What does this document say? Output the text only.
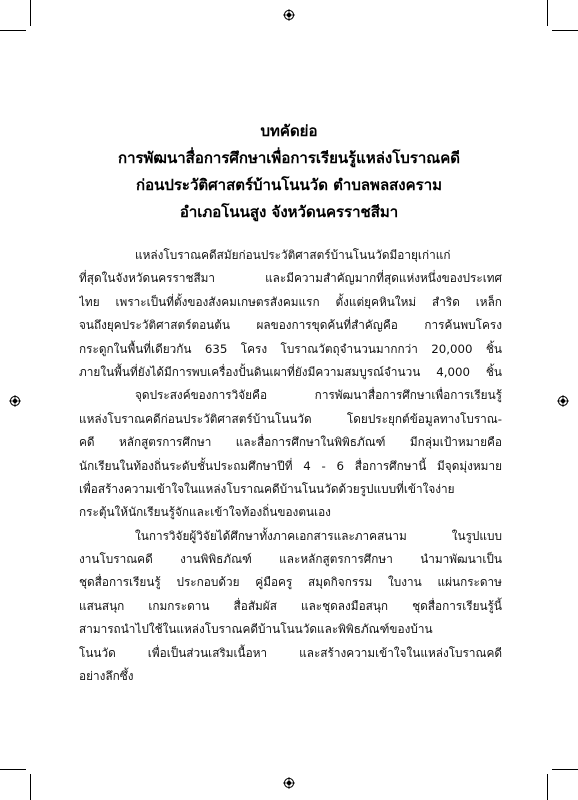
บทคัดย่อ
การพัฒนาสื่อการศึกษาเพื่อการเรียนรู้แหล่งโบราณคดี
ก่อนประวัติศาสตร์บ้านโนนวัด ตำบลพลสงคราม
อำเภอโนนสูง จังหวัดนครราชสีมา
แหล่งโบราณคดีสมัยก่อนประวัติศาสตร์บ้านโนนวัดมีอายุเก่าแก่
ที่สุดในจังหวัดนครราชสีมา	และมีความสำคัญมากที่สุดแห่งหนึ่งของประเทศ
ไทย เพราะเป็นที่ตั้งของสังคมเกษตรสังคมแรก ตั้งแต่ยุคหินใหม่ สำริด เหล็ก
จนถึงยุคประวัติศาสตร์ตอนต้น ผลของการขุดค้นที่สำคัญคือ การค้นพบโครง
กระดูกในพื้นที่เดียวกัน 635 โครง โบราณวัตถุจำนวนมากกว่า 20,000 ชิ้น
ภายในพื้นที่ยังได้มีการพบเครื่องปั้นดินเผาที่ยังมีความสมบูรณ์จำนวน 4,000 ชิ้น
จุดประสงค์ของการวิจัยคือ	การพัฒนาสื่อการศึกษาเพื่อการเรียนรู้
แหล่งโบราณคดีก่อนประวัติศาสตร์บ้านโนนวัด	โดยประยุกต์ข้อมูลทางโบราณ-
คดี หลักสูตรการศึกษา และสื่อการศึกษาในพิพิธภัณฑ์ มีกลุ่มเป้าหมายคือ
นักเรียนในท้องถิ่นระดับชั้นประถมศึกษาปีที่ 4 - 6 สื่อการศึกษานี้ มีจุดมุ่งหมาย
เพื่อสร้างความเข้าใจในแหล่งโบราณคดีบ้านโนนวัดด้วยรูปแบบที่เข้าใจง่าย
กระตุ้นให้นักเรียนรู้จักและเข้าใจท้องถิ่นของตนเอง
ในการวิจัยผู้วิจัยได้ศึกษาทั้งภาคเอกสารและภาคสนาม	ในรูปแบบ
งานโบราณคดี งานพิพิธภัณฑ์ และหลักสูตรการศึกษา นำมาพัฒนาเป็น
ชุดสื่อการเรียนรู้ ประกอบด้วย คู่มือครู สมุดกิจกรรม ใบงาน แผ่นกระดาษ
แสนสนุก เกมกระดาน สื่อสัมผัส และชุดลงมือสนุก ชุดสื่อการเรียนรู้นี้
สามารถนำไปใช้ในแหล่งโบราณคดีบ้านโนนวัดและพิพิธภัณฑ์ของบ้าน
โนนวัด	เพื่อเป็นส่วนเสริมเนื้อหา	และสร้างความเข้าใจในแหล่งโบราณคดี
อย่างลึกซึ้ง
